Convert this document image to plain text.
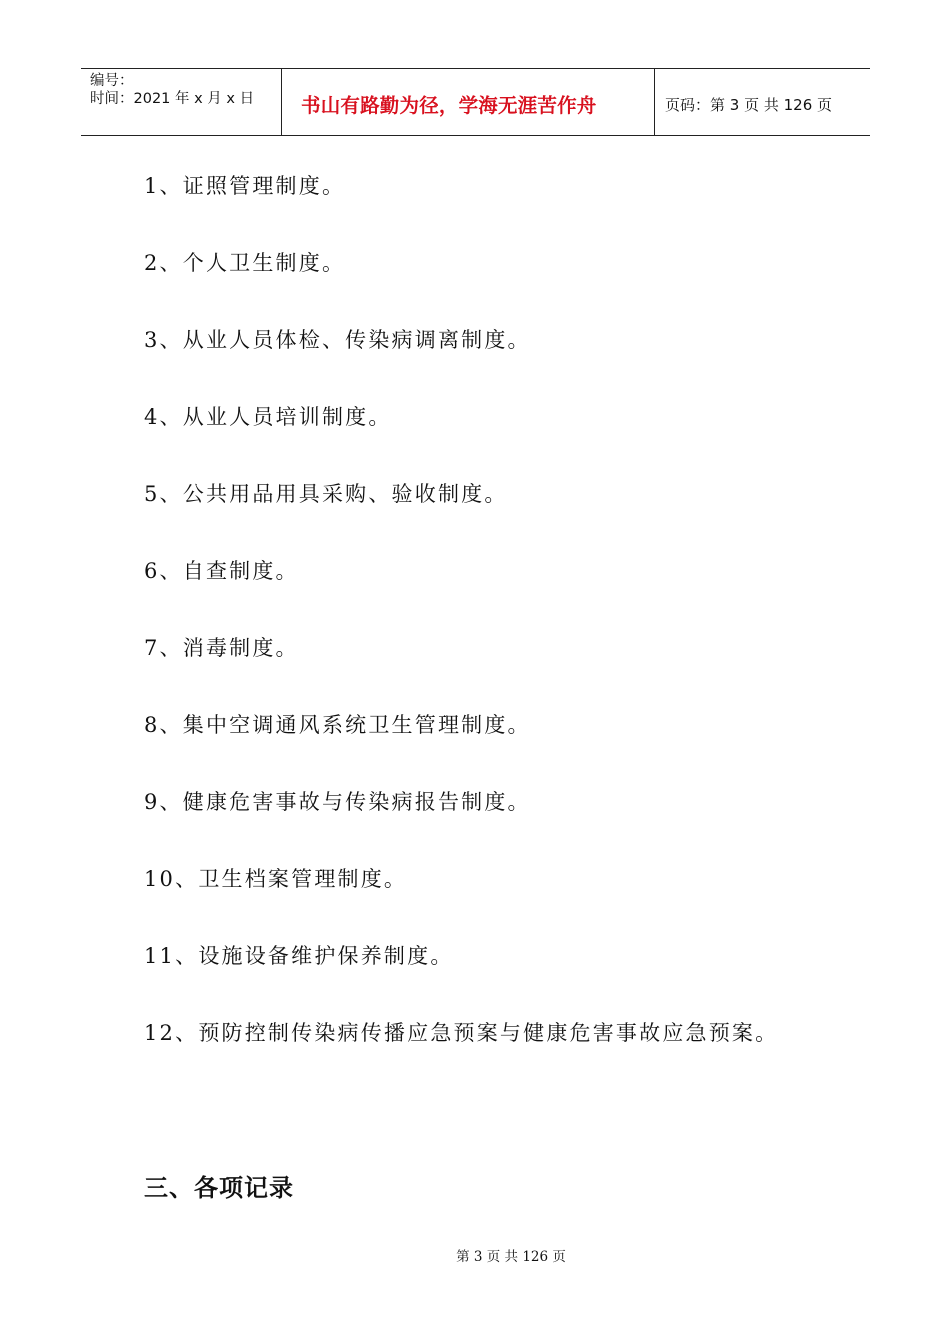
编号：
时间：2021 年 x 月 x 日	书山有路勤为径，学海无涯苦作舟	页码：第 3 页 共 126 页
1、证照管理制度。
2、个人卫生制度。
3、从业人员体检、传染病调离制度。
4、从业人员培训制度。
5、公共用品用具采购、验收制度。
6、自查制度。
7、消毒制度。
8、集中空调通风系统卫生管理制度。
9、健康危害事故与传染病报告制度。
10、卫生档案管理制度。
11、设施设备维护保养制度。
12、预防控制传染病传播应急预案与健康危害事故应急预案。
三、各项记录
第 3 页 共 126 页
